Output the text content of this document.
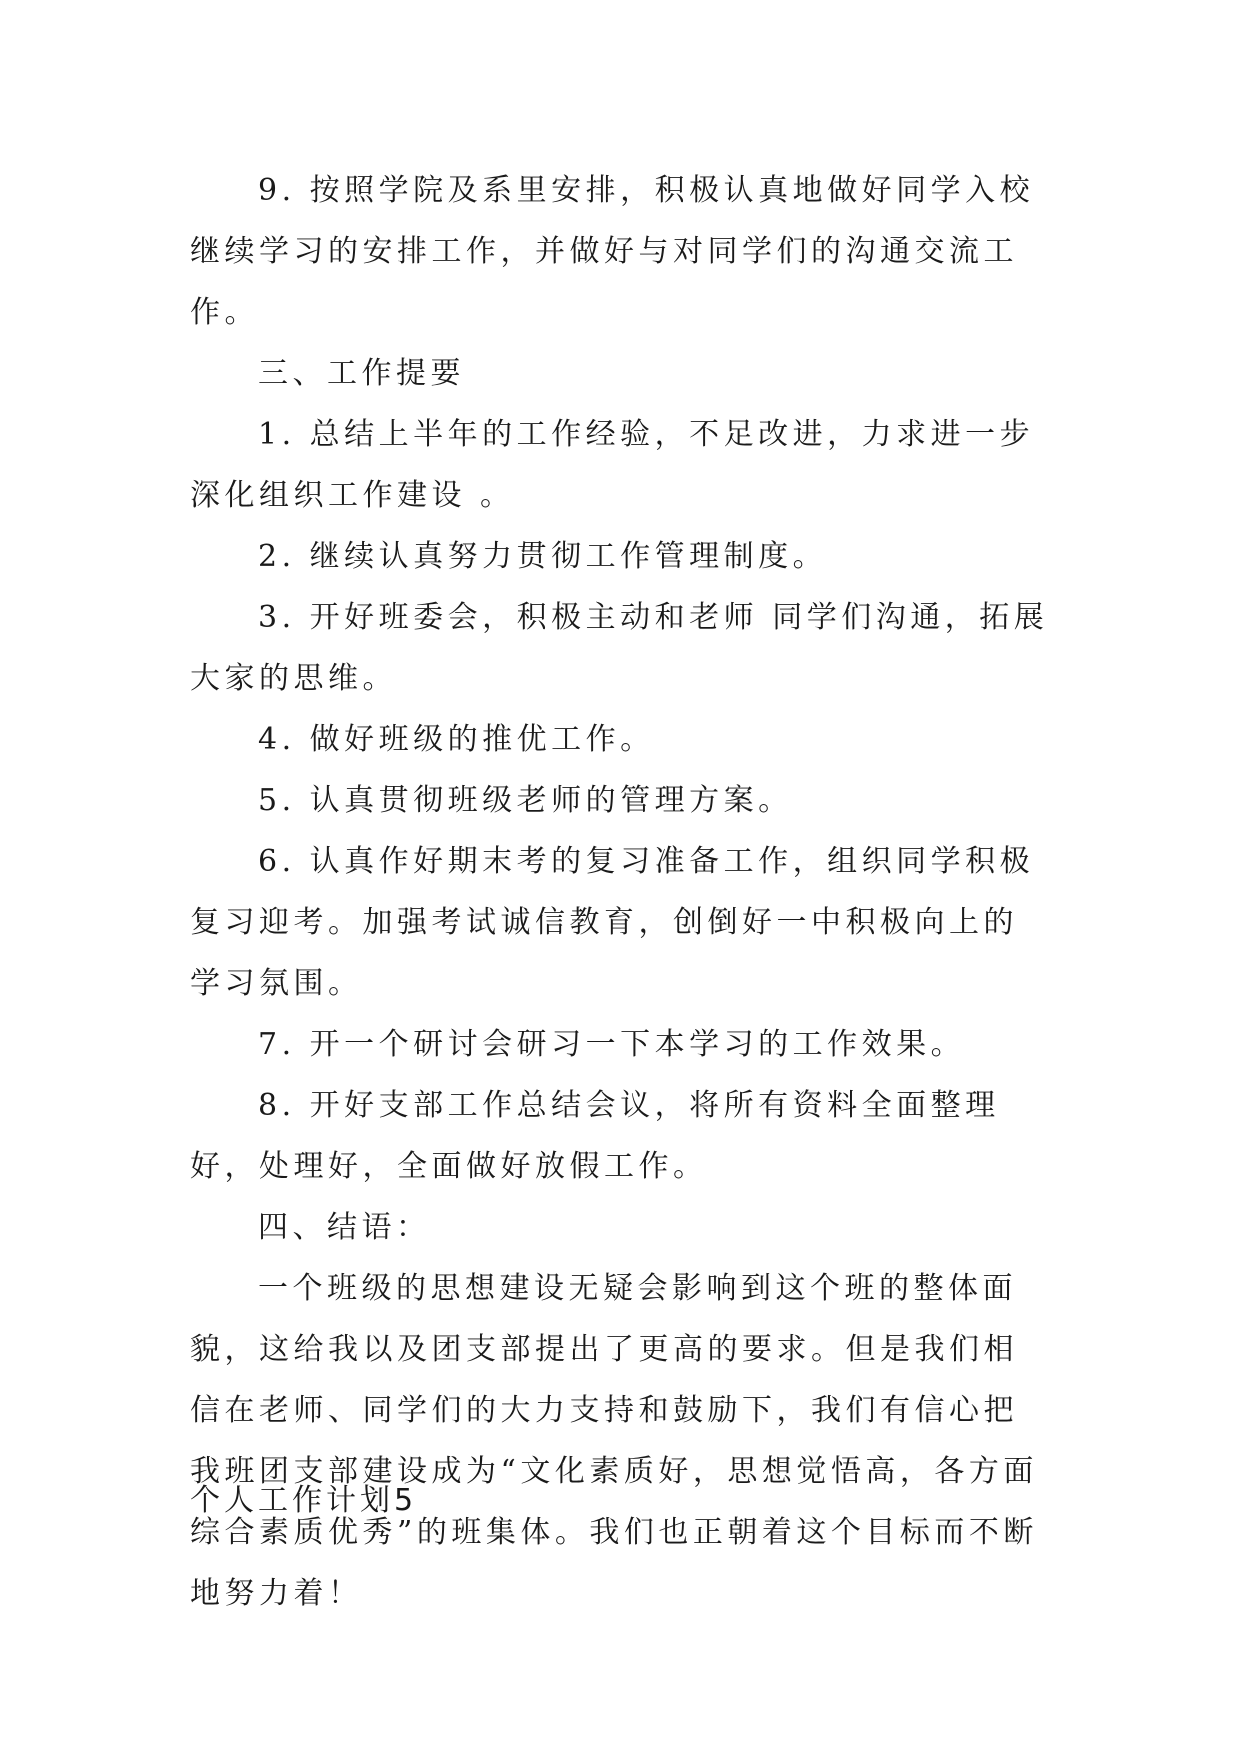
9. 按照学院及系里安排，积极认真地做好同学入校继续学习的安排工作，并做好与对同学们的沟通交流工作。

三、工作提要

1. 总结上半年的工作经验，不足改进，力求进一步深化组织工作建设 。

2. 继续认真努力贯彻工作管理制度。

3. 开好班委会，积极主动和老师 同学们沟通，拓展大家的思维。

4. 做好班级的推优工作。

5. 认真贯彻班级老师的管理方案。

6. 认真作好期末考的复习准备工作，组织同学积极复习迎考。加强考试诚信教育，创倒好一中积极向上的学习氛围。

7. 开一个研讨会研习一下本学习的工作效果。

8. 开好支部工作总结会议，将所有资料全面整理好，处理好，全面做好放假工作。

四、结语：

一个班级的思想建设无疑会影响到这个班的整体面貌，这给我以及团支部提出了更高的要求。但是我们相信在老师、同学们的大力支持和鼓励下，我们有信心把我班团支部建设成为“文化素质好，思想觉悟高，各方面综合素质优秀”的班集体。我们也正朝着这个目标而不断地努力着！

个人工作计划5
